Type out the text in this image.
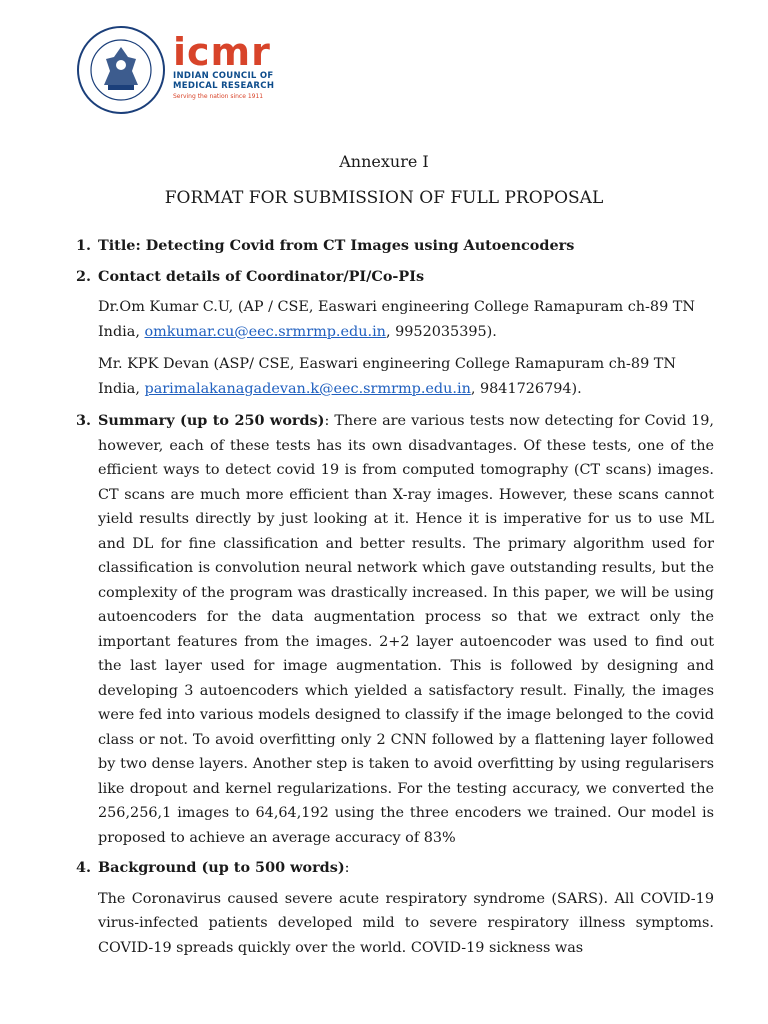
icmr
INDIAN COUNCIL OF
MEDICAL RESEARCH
Serving the nation since 1911
Annexure I
FORMAT FOR SUBMISSION OF FULL PROPOSAL
1. Title: Detecting Covid from CT Images using Autoencoders
2. Contact details of Coordinator/PI/Co-PIs
Dr.Om Kumar C.U, (AP / CSE, Easwari engineering College Ramapuram ch-89 TN India, omkumar.cu@eec.srmrmp.edu.in, 9952035395).
Mr. KPK Devan (ASP/ CSE, Easwari engineering College Ramapuram ch-89 TN India, parimalakanagadevan.k@eec.srmrmp.edu.in, 9841726794).
3. Summary (up to 250 words): There are various tests now detecting for Covid 19, however, each of these tests has its own disadvantages. Of these tests, one of the efficient ways to detect covid 19 is from computed tomography (CT scans) images. CT scans are much more efficient than X-ray images. However, these scans cannot yield results directly by just looking at it. Hence it is imperative for us to use ML and DL for fine classification and better results. The primary algorithm used for classification is convolution neural network which gave outstanding results, but the complexity of the program was drastically increased. In this paper, we will be using autoencoders for the data augmentation process so that we extract only the important features from the images. 2+2 layer autoencoder was used to find out the last layer used for image augmentation. This is followed by designing and developing 3 autoencoders which yielded a satisfactory result. Finally, the images were fed into various models designed to classify if the image belonged to the covid class or not. To avoid overfitting only 2 CNN followed by a flattening layer followed by two dense layers. Another step is taken to avoid overfitting by using regularisers like dropout and kernel regularizations. For the testing accuracy, we converted the 256,256,1 images to 64,64,192 using the three encoders we trained. Our model is proposed to achieve an average accuracy of 83%
4. Background (up to 500 words):
The Coronavirus caused severe acute respiratory syndrome (SARS). All COVID-19 virus-infected patients developed mild to severe respiratory illness symptoms. COVID-19 spreads quickly over the world. COVID-19 sickness was
